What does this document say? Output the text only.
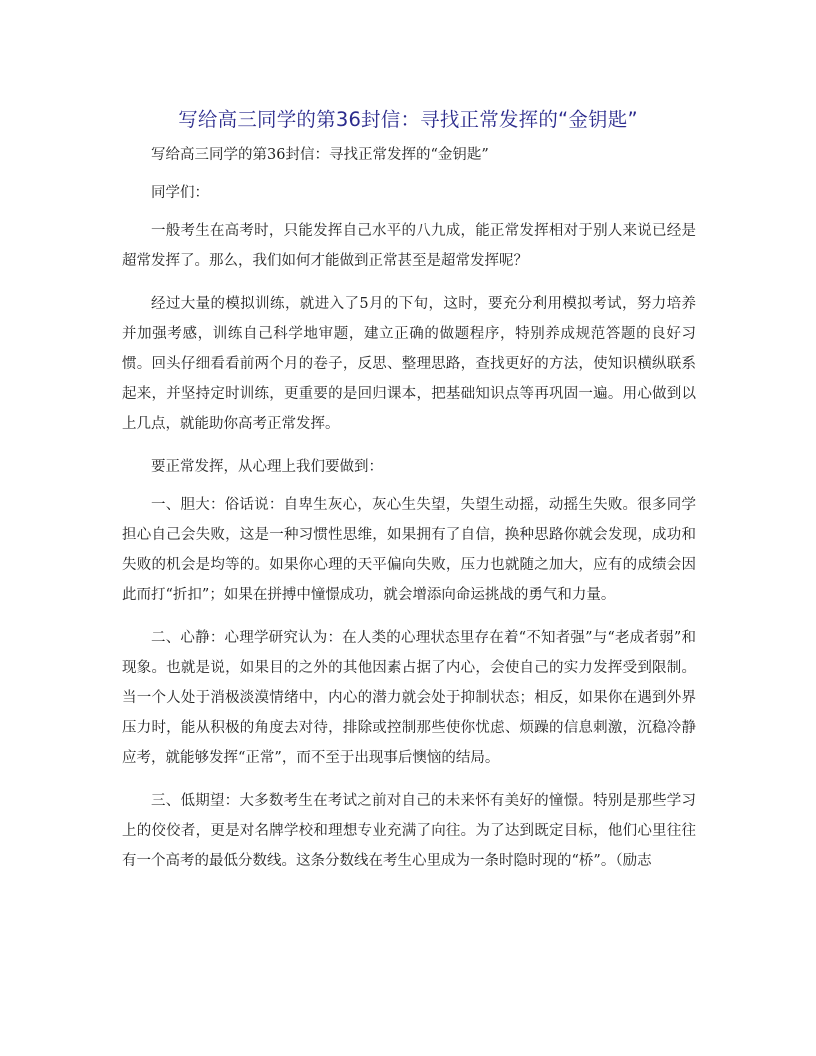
写给高三同学的第36封信：寻找正常发挥的“金钥匙”

写给高三同学的第36封信：寻找正常发挥的“金钥匙”

同学们：

一般考生在高考时，只能发挥自己水平的八九成，能正常发挥相对于别人来说已经是超常发挥了。那么，我们如何才能做到正常甚至是超常发挥呢？

经过大量的模拟训练，就进入了5月的下旬，这时，要充分利用模拟考试，努力培养并加强考感，训练自己科学地审题，建立正确的做题程序，特别养成规范答题的良好习惯。回头仔细看看前两个月的卷子，反思、整理思路，查找更好的方法，使知识横纵联系起来，并坚持定时训练，更重要的是回归课本，把基础知识点等再巩固一遍。用心做到以上几点，就能助你高考正常发挥。

要正常发挥，从心理上我们要做到：

一、胆大：俗话说：自卑生灰心，灰心生失望，失望生动摇，动摇生失败。很多同学担心自己会失败，这是一种习惯性思维，如果拥有了自信，换种思路你就会发现，成功和失败的机会是均等的。如果你心理的天平偏向失败，压力也就随之加大，应有的成绩会因此而打“折扣”；如果在拼搏中憧憬成功，就会增添向命运挑战的勇气和力量。

二、心静：心理学研究认为：在人类的心理状态里存在着“不知者强”与“老成者弱”和现象。也就是说，如果目的之外的其他因素占据了内心，会使自己的实力发挥受到限制。当一个人处于消极淡漠情绪中，内心的潜力就会处于抑制状态；相反，如果你在遇到外界压力时，能从积极的角度去对待，排除或控制那些使你忧虑、烦躁的信息刺激，沉稳冷静应考，就能够发挥“正常”，而不至于出现事后懊恼的结局。

三、低期望：大多数考生在考试之前对自己的未来怀有美好的憧憬。特别是那些学习上的佼佼者，更是对名牌学校和理想专业充满了向往。为了达到既定目标，他们心里往往有一个高考的最低分数线。这条分数线在考生心里成为一条时隐时现的“桥”。（励志
